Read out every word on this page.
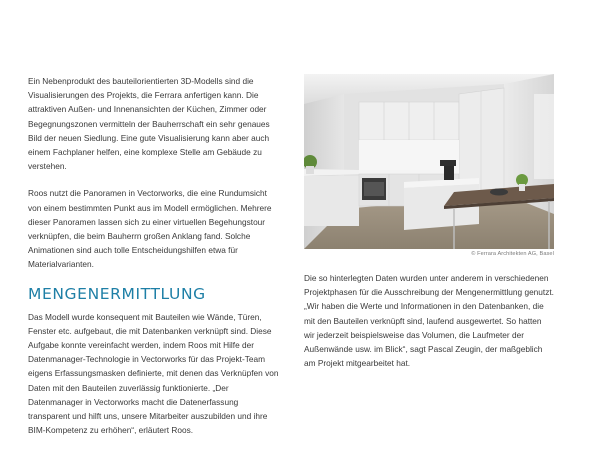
Ein Nebenprodukt des bauteilorientierten 3D-Modells sind die Visualisierungen des Projekts, die Ferrara anfertigen kann. Die attraktiven Außen- und Innenansichten der Küchen, Zimmer oder Begegnungszonen vermitteln der Bauherrschaft ein sehr genaues Bild der neuen Siedlung. Eine gute Visualisierung kann aber auch einem Fachplaner helfen, eine komplexe Stelle am Gebäude zu verstehen.

Roos nutzt die Panoramen in Vectorworks, die eine Rundumsicht von einem bestimmten Punkt aus im Modell ermöglichen. Mehrere dieser Panoramen lassen sich zu einer virtuellen Begehungstour verknüpfen, die beim Bauherrn großen Anklang fand. Solche Animationen sind auch tolle Entscheidungshilfen etwa für Materialvarianten.

MENGENERMITTLUNG

Das Modell wurde konsequent mit Bauteilen wie Wände, Türen, Fenster etc. aufgebaut, die mit Datenbanken verknüpft sind. Diese Aufgabe konnte vereinfacht werden, indem Roos mit Hilfe der Datenmanager-Technologie in Vectorworks für das Projekt-Team eigens Erfassungsmasken definierte, mit denen das Verknüpfen von Daten mit den Bauteilen zuverlässig funktionierte. „Der Datenmanager in Vectorworks macht die Datenerfassung transparent und hilft uns, unsere Mitarbeiter auszubilden und ihre BIM-Kompetenz zu erhöhen“, erläutert Roos.

© Ferrara Architekten AG, Basel

Die so hinterlegten Daten wurden unter anderem in verschiedenen Projektphasen für die Ausschreibung der Mengenermittlung genutzt. „Wir haben die Werte und Informationen in den Datenbanken, die mit den Bauteilen verknüpft sind, laufend ausgewertet. So hatten wir jederzeit beispielsweise das Volumen, die Laufmeter der Außenwände usw. im Blick“, sagt Pascal Zeugin, der maßgeblich am Projekt mitgearbeitet hat.
